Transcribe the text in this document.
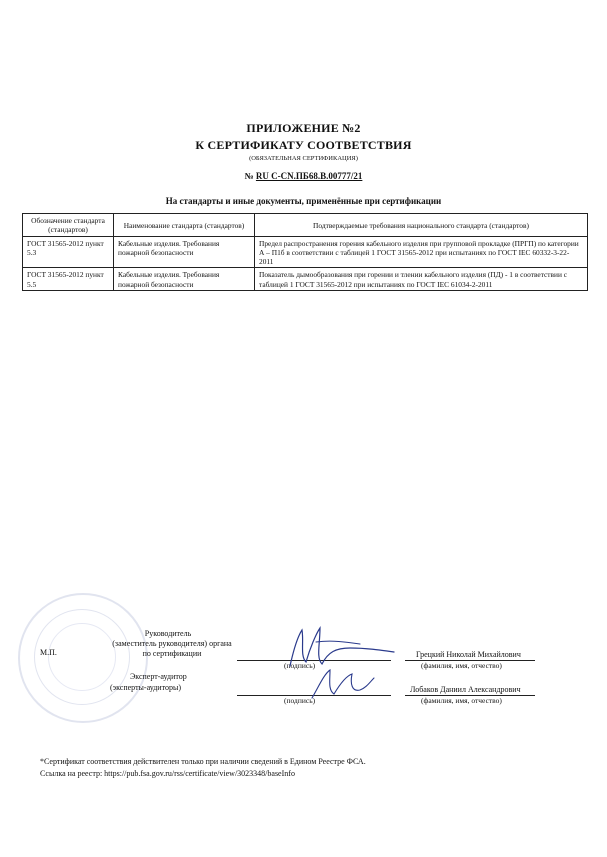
ПРИЛОЖЕНИЕ №2
К СЕРТИФИКАТУ СООТВЕТСТВИЯ
(ОБЯЗАТЕЛЬНАЯ СЕРТИФИКАЦИЯ)
№ RU C-CN.ПБ68.В.00777/21
На стандарты и иные документы, применённые при сертификации
Обозначение стандарта (стандартов)	Наименование стандарта (стандартов)	Подтверждаемые требования национального стандарта (стандартов)
ГОСТ 31565-2012 пункт 5.3	Кабельные изделия. Требования пожарной безопасности	Предел распространения горения кабельного изделия при групповой прокладке (ПРГП) по категории А – П1б в соответствии с таблицей 1 ГОСТ 31565-2012 при испытаниях по ГОСТ IEC 60332-3-22-2011
ГОСТ 31565-2012 пункт 5.5	Кабельные изделия. Требования пожарной безопасности	Показатель дымообразования при горении и тлении кабельного изделия (ПД) - 1 в соответствии с таблицей 1 ГОСТ 31565-2012 при испытаниях по ГОСТ IEC 61034-2-2011
М.П.
Руководитель
(заместитель руководителя) органа по сертификации
Эксперт-аудитор
(эксперты-аудиторы)
Грецкий Николай Михайлович
Лобаков Даниил Александрович
(подпись)	(фамилия, имя, отчество)
(подпись)	(фамилия, имя, отчество)
*Сертификат соответствия действителен только при наличии сведений в Едином Реестре ФСА.
Ссылка на реестр: https://pub.fsa.gov.ru/rss/certificate/view/3023348/baseInfo
